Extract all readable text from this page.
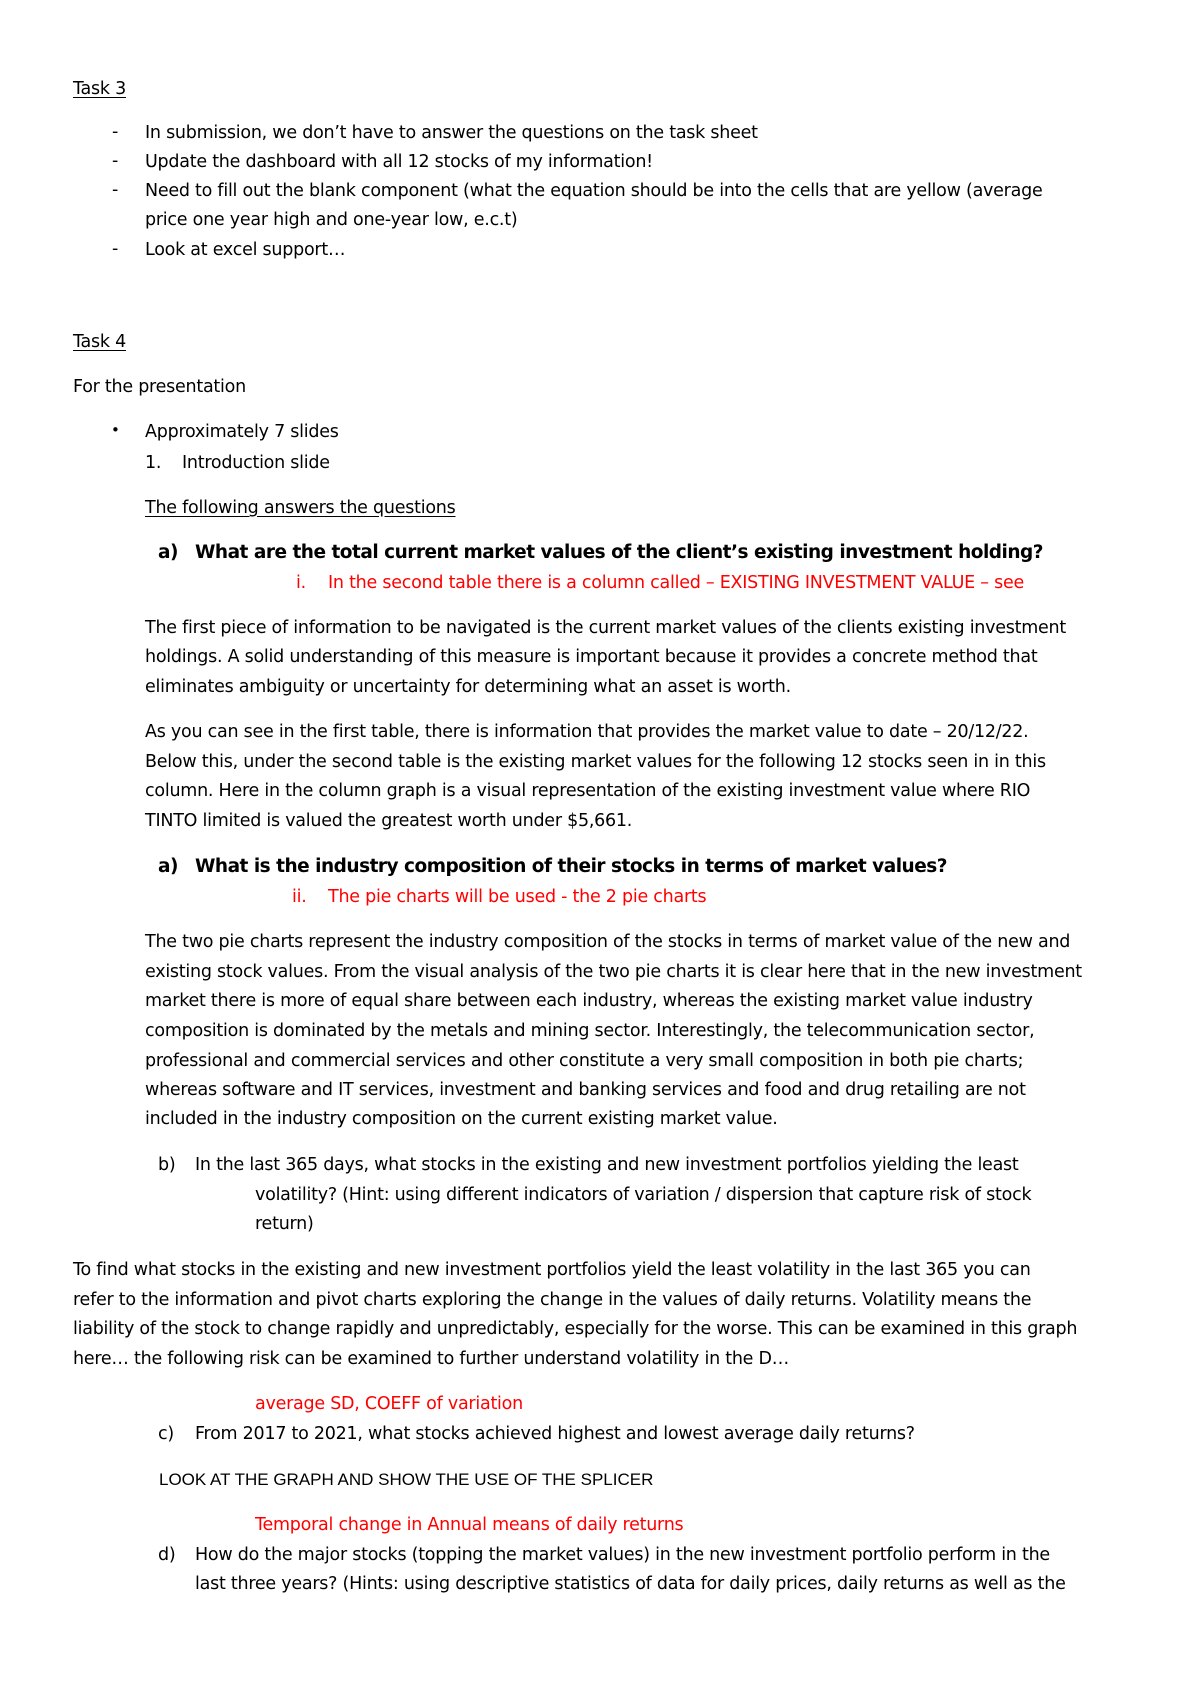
Task 3
- In submission, we don’t have to answer the questions on the task sheet
- Update the dashboard with all 12 stocks of my information!
- Need to fill out the blank component (what the equation should be into the cells that are yellow (average
price one year high and one-year low, e.c.t)
- Look at excel support…
Task 4
For the presentation
• Approximately 7 slides
1. Introduction slide
The following answers the questions
a) What are the total current market values of the client’s existing investment holding?
i. In the second table there is a column called – EXISTING INVESTMENT VALUE – see
The first piece of information to be navigated is the current market values of the clients existing investment
holdings. A solid understanding of this measure is important because it provides a concrete method that
eliminates ambiguity or uncertainty for determining what an asset is worth.
As you can see in the first table, there is information that provides the market value to date – 20/12/22.
Below this, under the second table is the existing market values for the following 12 stocks seen in in this
column. Here in the column graph is a visual representation of the existing investment value where RIO
TINTO limited is valued the greatest worth under $5,661.
a) What is the industry composition of their stocks in terms of market values?
ii. The pie charts will be used - the 2 pie charts
The two pie charts represent the industry composition of the stocks in terms of market value of the new and
existing stock values. From the visual analysis of the two pie charts it is clear here that in the new investment
market there is more of equal share between each industry, whereas the existing market value industry
composition is dominated by the metals and mining sector. Interestingly, the telecommunication sector,
professional and commercial services and other constitute a very small composition in both pie charts;
whereas software and IT services, investment and banking services and food and drug retailing are not
included in the industry composition on the current existing market value.
b) In the last 365 days, what stocks in the existing and new investment portfolios yielding the least
volatility? (Hint: using different indicators of variation / dispersion that capture risk of stock
return)
To find what stocks in the existing and new investment portfolios yield the least volatility in the last 365 you can
refer to the information and pivot charts exploring the change in the values of daily returns. Volatility means the
liability of the stock to change rapidly and unpredictably, especially for the worse. This can be examined in this graph
here… the following risk can be examined to further understand volatility in the D…
average SD, COEFF of variation
c) From 2017 to 2021, what stocks achieved highest and lowest average daily returns?
LOOK AT THE GRAPH AND SHOW THE USE OF THE SPLICER
Temporal change in Annual means of daily returns
d) How do the major stocks (topping the market values) in the new investment portfolio perform in the
last three years? (Hints: using descriptive statistics of data for daily prices, daily returns as well as the
